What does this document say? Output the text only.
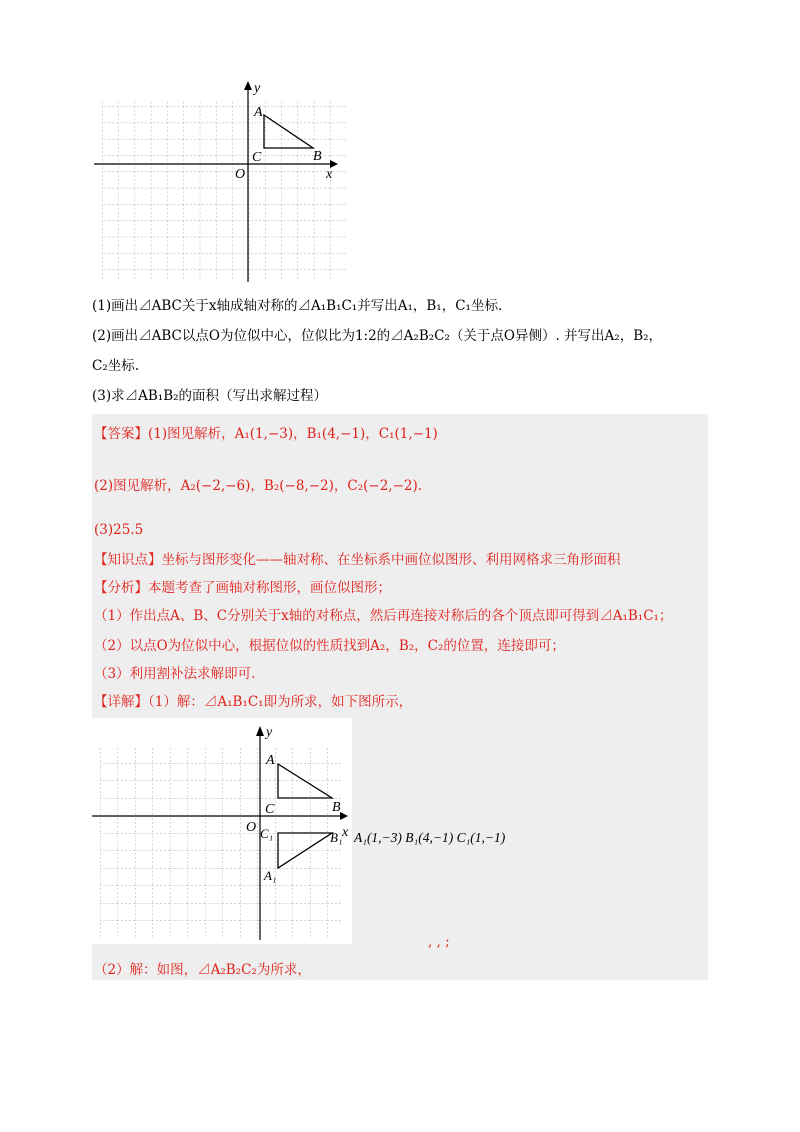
y
x
O
A
B
C
(1)画出⊿ABC关于x轴成轴对称的⊿A₁B₁C₁并写出A₁，B₁，C₁坐标.
(2)画出⊿ABC以点O为位似中心，位似比为1:2的⊿A₂B₂C₂（关于点O异侧）. 并写出A₂，B₂，
C₂坐标.
(3)求⊿AB₁B₂的面积（写出求解过程）
【答案】(1)图见解析，A₁(1,−3)，B₁(4,−1)，C₁(1,−1)
(2)图见解析，A₂(−2,−6)，B₂(−8,−2)，C₂(−2,−2).
(3)25.5
【知识点】坐标与图形变化——轴对称、在坐标系中画位似图形、利用网格求三角形面积
【分析】本题考查了画轴对称图形，画位似图形；
（1）作出点A、B、C分别关于x轴的对称点，然后再连接对称后的各个顶点即可得到⊿A₁B₁C₁；
（2）以点O为位似中心，根据位似的性质找到A₂，B₂，C₂的位置，连接即可；
（3）利用割补法求解即可.
【详解】（1）解：⊿A₁B₁C₁即为所求，如下图所示，
y
x
O
A
B
C
B₁
C₁
A₁
A₁(1,−3) B₁(4,−1) C₁(1,−1)
, , ;
（2）解：如图，⊿A₂B₂C₂为所求，
